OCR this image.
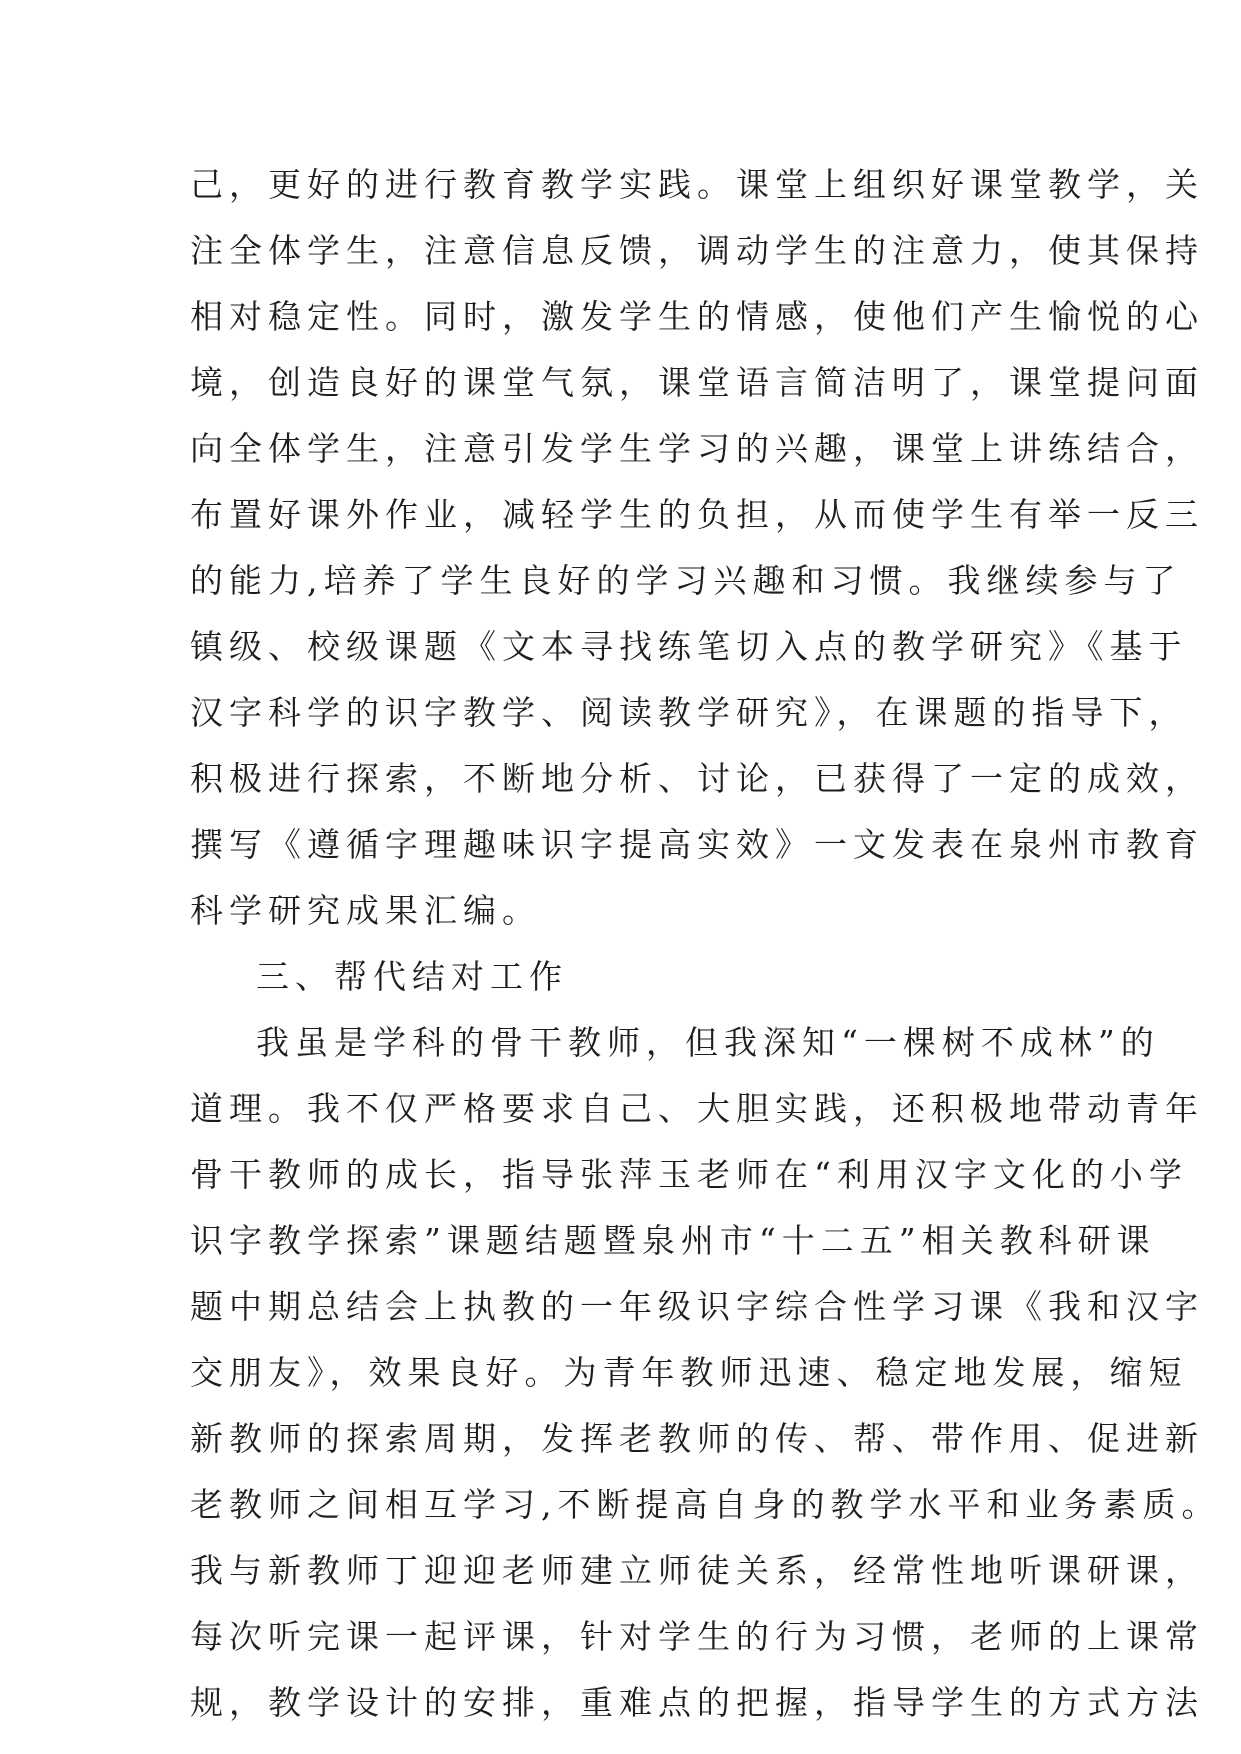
己，更好的进行教育教学实践。课堂上组织好课堂教学，关
注全体学生，注意信息反馈，调动学生的注意力，使其保持
相对稳定性。同时，激发学生的情感，使他们产生愉悦的心
境，创造良好的课堂气氛，课堂语言简洁明了，课堂提问面
向全体学生，注意引发学生学习的兴趣，课堂上讲练结合，
布置好课外作业，减轻学生的负担，从而使学生有举一反三
的能力,培养了学生良好的学习兴趣和习惯。我继续参与了
镇级、校级课题《文本寻找练笔切入点的教学研究》《基于
汉字科学的识字教学、阅读教学研究》，在课题的指导下，
积极进行探索，不断地分析、讨论，已获得了一定的成效，
撰写《遵循字理趣味识字提高实效》一文发表在泉州市教育
科学研究成果汇编。
三、帮代结对工作
我虽是学科的骨干教师，但我深知“一棵树不成林”的
道理。我不仅严格要求自己、大胆实践，还积极地带动青年
骨干教师的成长，指导张萍玉老师在“利用汉字文化的小学
识字教学探索”课题结题暨泉州市“十二五”相关教科研课
题中期总结会上执教的一年级识字综合性学习课《我和汉字
交朋友》，效果良好。为青年教师迅速、稳定地发展，缩短
新教师的探索周期，发挥老教师的传、帮、带作用、促进新
老教师之间相互学习,不断提高自身的教学水平和业务素质。
我与新教师丁迎迎老师建立师徒关系，经常性地听课研课，
每次听完课一起评课，针对学生的行为习惯，老师的上课常
规，教学设计的安排，重难点的把握，指导学生的方式方法
